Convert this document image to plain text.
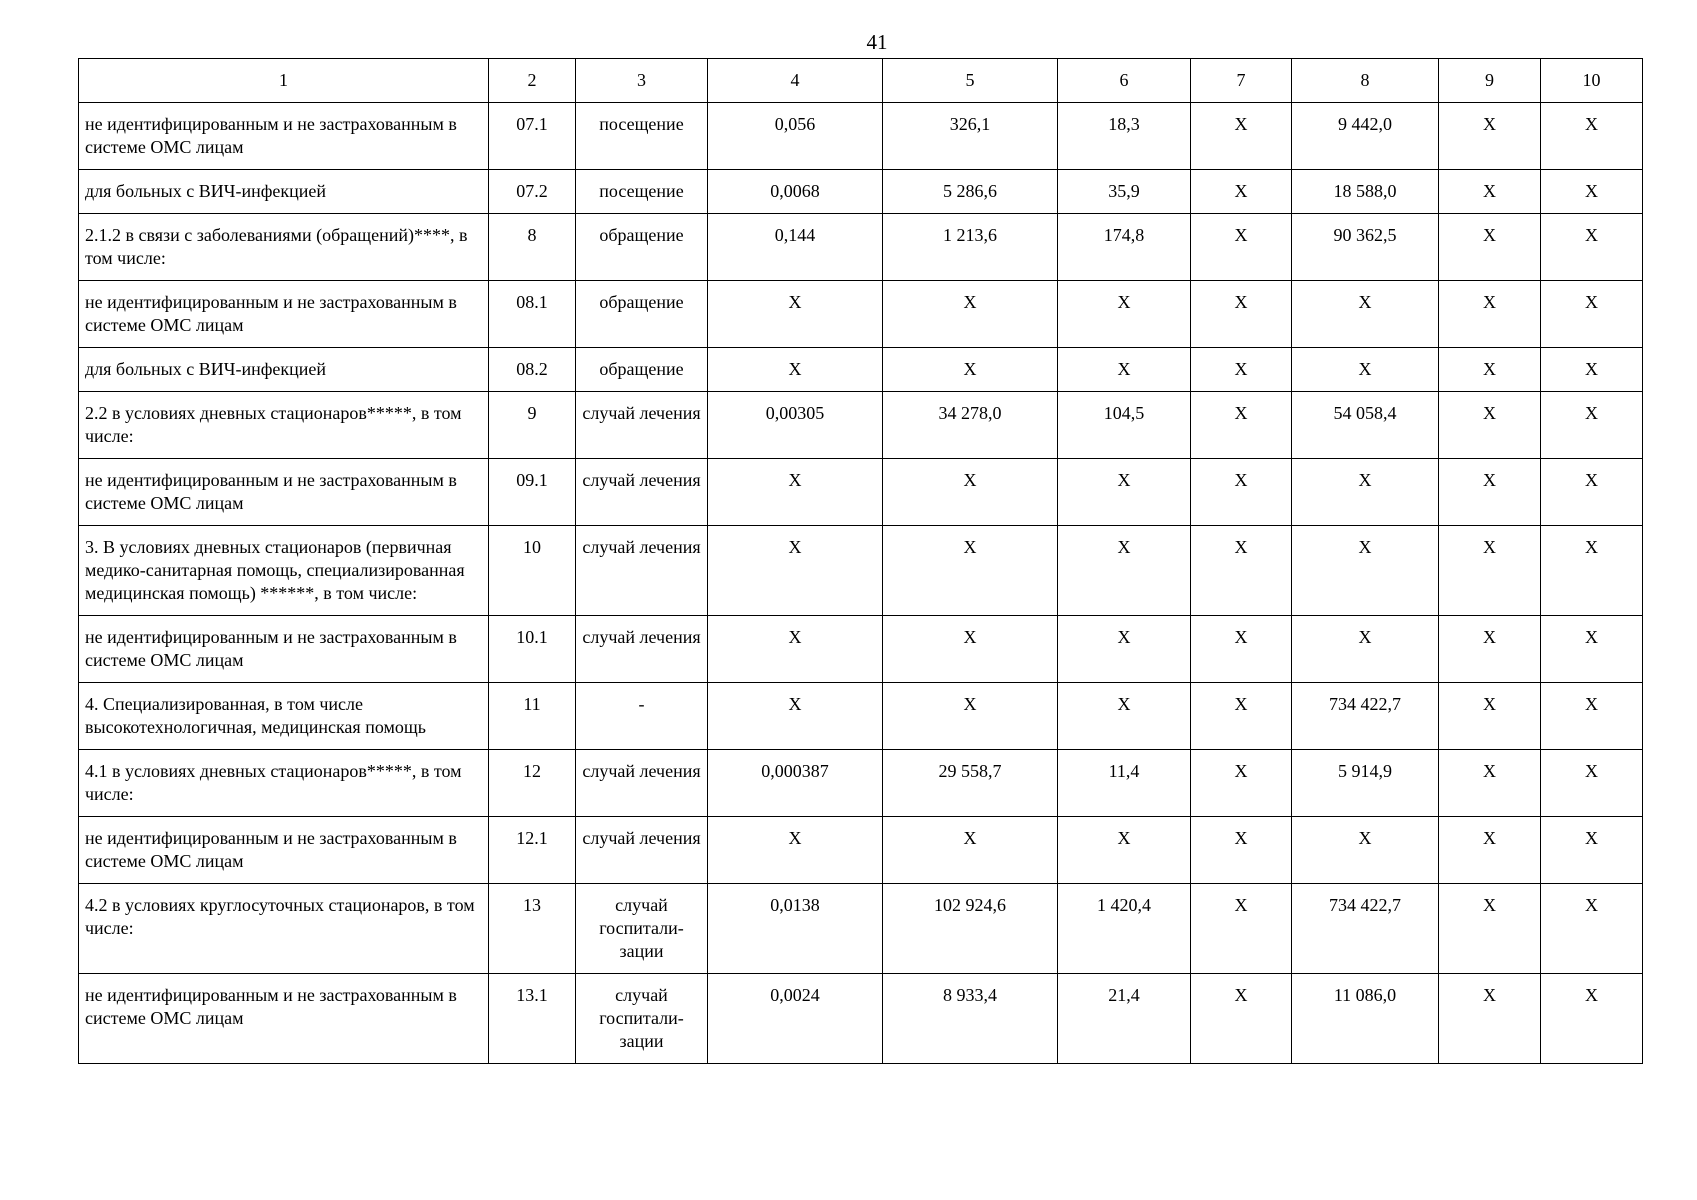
41
1	2	3	4	5	6	7	8	9	10
не идентифицированным и не застрахованным в системе ОМС лицам	07.1	посещение	0,056	326,1	18,3	X	9 442,0	X	X
для больных с ВИЧ-инфекцией	07.2	посещение	0,0068	5 286,6	35,9	X	18 588,0	X	X
2.1.2 в связи с заболеваниями (обращений)****, в том числе:	8	обращение	0,144	1 213,6	174,8	X	90 362,5	X	X
не идентифицированным и не застрахованным в системе ОМС лицам	08.1	обращение	X	X	X	X	X	X	X
для больных с ВИЧ-инфекцией	08.2	обращение	X	X	X	X	X	X	X
2.2 в условиях дневных стационаров*****, в том числе:	9	случай лечения	0,00305	34 278,0	104,5	X	54 058,4	X	X
не идентифицированным и не застрахованным в системе ОМС лицам	09.1	случай лечения	X	X	X	X	X	X	X
3. В условиях дневных стационаров (первичная медико-санитарная помощь, специализированная медицинская помощь) ******, в том числе:	10	случай лечения	X	X	X	X	X	X	X
не идентифицированным и не застрахованным в системе ОМС лицам	10.1	случай лечения	X	X	X	X	X	X	X
4. Специализированная, в том числе высокотехнологичная, медицинская помощь	11	-	X	X	X	X	734 422,7	X	X
4.1 в условиях дневных стационаров*****, в том числе:	12	случай лечения	0,000387	29 558,7	11,4	X	5 914,9	X	X
не идентифицированным и не застрахованным в системе ОМС лицам	12.1	случай лечения	X	X	X	X	X	X	X
4.2 в условиях круглосуточных стационаров, в том числе:	13	случай госпитали-зации	0,0138	102 924,6	1 420,4	X	734 422,7	X	X
не идентифицированным и не застрахованным в системе ОМС лицам	13.1	случай госпитали-зации	0,0024	8 933,4	21,4	X	11 086,0	X	X
